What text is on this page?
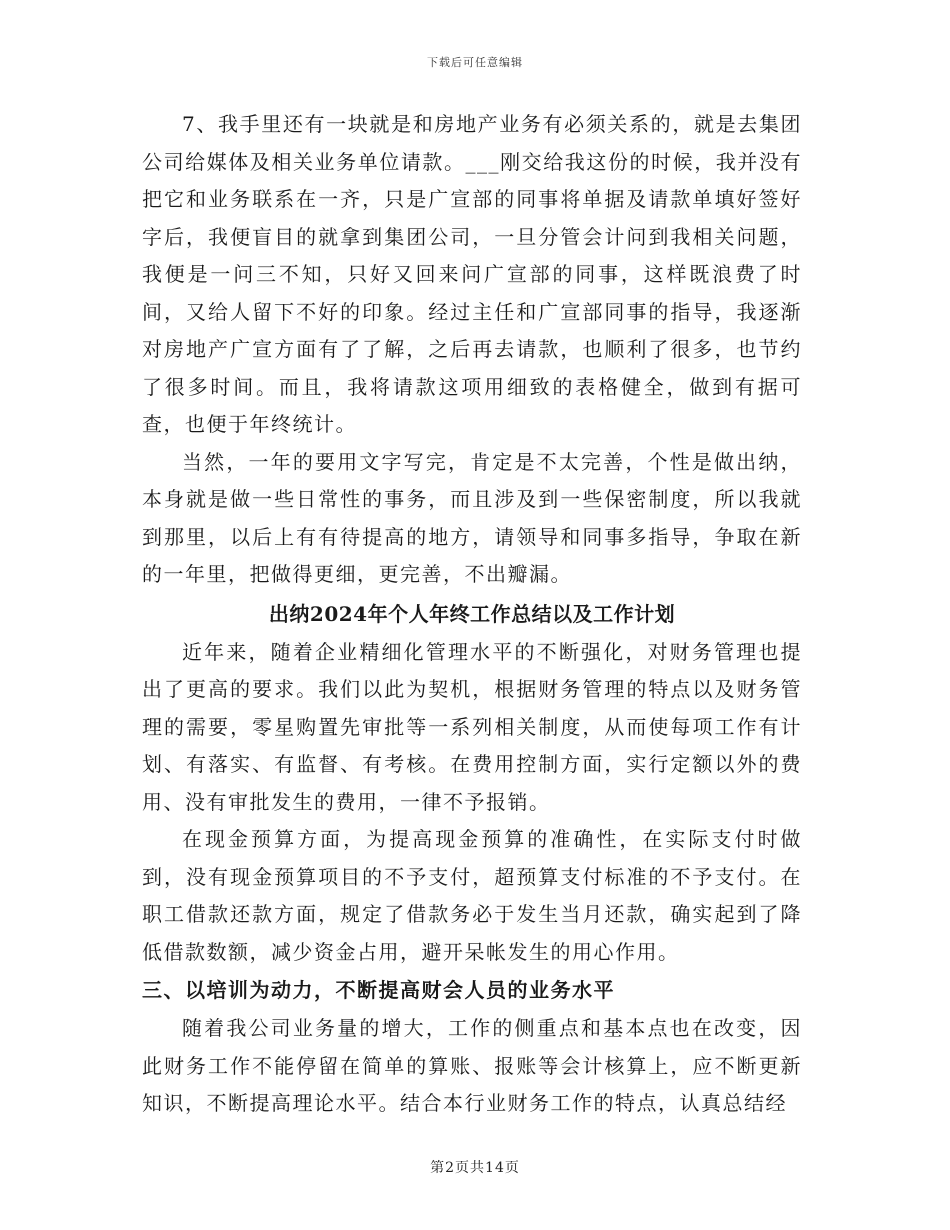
下载后可任意编辑

7、我手里还有一块就是和房地产业务有必须关系的，就是去集团公司给媒体及相关业务单位请款。___刚交给我这份的时候，我并没有把它和业务联系在一齐，只是广宣部的同事将单据及请款单填好签好字后，我便盲目的就拿到集团公司，一旦分管会计问到我相关问题，我便是一问三不知，只好又回来问广宣部的同事，这样既浪费了时间，又给人留下不好的印象。经过主任和广宣部同事的指导，我逐渐对房地产广宣方面有了了解，之后再去请款，也顺利了很多，也节约了很多时间。而且，我将请款这项用细致的表格健全，做到有据可查，也便于年终统计。

当然，一年的要用文字写完，肯定是不太完善，个性是做出纳，本身就是做一些日常性的事务，而且涉及到一些保密制度，所以我就到那里，以后上有有待提高的地方，请领导和同事多指导，争取在新的一年里，把做得更细，更完善，不出瓣漏。

出纳2024年个人年终工作总结以及工作计划

近年来，随着企业精细化管理水平的不断强化，对财务管理也提出了更高的要求。我们以此为契机，根据财务管理的特点以及财务管理的需要，零星购置先审批等一系列相关制度，从而使每项工作有计划、有落实、有监督、有考核。在费用控制方面，实行定额以外的费用、没有审批发生的费用，一律不予报销。

在现金预算方面，为提高现金预算的准确性，在实际支付时做到，没有现金预算项目的不予支付，超预算支付标准的不予支付。在职工借款还款方面，规定了借款务必于发生当月还款，确实起到了降低借款数额，减少资金占用，避开呆帐发生的用心作用。

三、以培训为动力，不断提高财会人员的业务水平

随着我公司业务量的增大，工作的侧重点和基本点也在改变，因此财务工作不能停留在简单的算账、报账等会计核算上，应不断更新知识，不断提高理论水平。结合本行业财务工作的特点，认真总结经

第2页共14页
